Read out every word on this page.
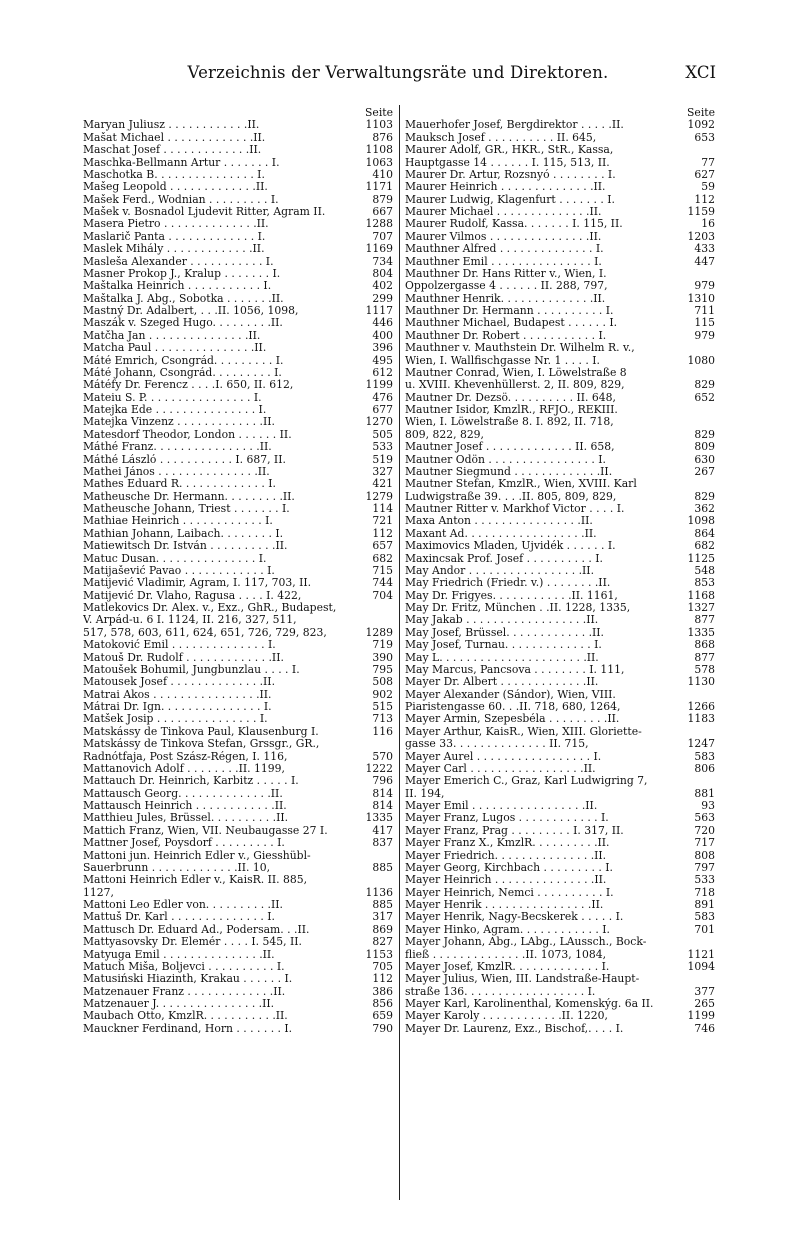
Verzeichnis der Verwaltungsräte und Direktoren.	XCI
Seite
Maryan Juliusz . . . . . . . . . . . .II.	1103
Mašat Michael . . . . . . . . . . . . .II.	876
Maschat Josef . . . . . . . . . . . . .II.	1108
Maschka-Bellmann Artur . . . . . . . I.	1063
Maschotka B. . . . . . . . . . . . . . . I.	410
Mašeg Leopold . . . . . . . . . . . . .II.	1171
Mašek Ferd., Wodnian . . . . . . . . . I.	879
Mašek v. Bosnadol Ljudevit Ritter, Agram II.	667
Masera Pietro . . . . . . . . . . . . . .II.	1288
Maslarič Panta . . . . . . . . . . . . . I.	707
Maslek Mihály . . . . . . . . . . . . .II.	1169
Masleša Alexander . . . . . . . . . . . I.	734
Masner Prokop J., Kralup . . . . . . . I.	804
Maštalka Heinrich . . . . . . . . . . . I.	402
Maštalka J. Abg., Sobotka . . . . . . .II.	299
Mastný Dr. Adalbert, . . .II. 1056, 1098,	1117
Maszák v. Szeged Hugo. . . . . . . . .II.	446
Matčha Jan . . . . . . . . . . . . . . .II.	400
Matcha Paul . . . . . . . . . . . . . . .II.	396
Máté Emrich, Csongrád. . . . . . . . . I.	495
Máté Johann, Csongrád. . . . . . . . . I.	612
Mátéfy Dr. Ferencz . . . .I. 650, II. 612,	1199
Mateiu S. P. . . . . . . . . . . . . . . . I.	476
Matejka Ede . . . . . . . . . . . . . . . I.	677
Matejka Vinzenz . . . . . . . . . . . . .II.	1270
Matesdorf Theodor, London . . . . . . II.	505
Máthé Franz. . . . . . . . . . . . . . . .II.	533
Máthé László . . . . . . . . . . . I. 687, II.	519
Mathei János . . . . . . . . . . . . . . .II.	327
Mathes Eduard R. . . . . . . . . . . . . I.	421
Matheusche Dr. Hermann. . . . . . . . .II.	1279
Matheusche Johann, Triest . . . . . . . I.	114
Mathiae Heinrich . . . . . . . . . . . . I.	721
Mathian Johann, Laibach. . . . . . . . I.	112
Matiewitsch Dr. István . . . . . . . . . .II.	657
Matuc Dusan. . . . . . . . . . . . . . . I.	682
Matijašević Pavao . . . . . . . . . . . . I.	715
Matijević Vladimir, Agram, I. 117, 703, II.	744
Matijević Dr. Vlaho, Ragusa . . . . I. 422,	704
Matlekovics Dr. Alex. v., Exz., GhR., Budapest,
V. Arpád-u. 6 I. 1124, II. 216, 327, 511,
517, 578, 603, 611, 624, 651, 726, 729, 823,	1289
Matoković Emil . . . . . . . . . . . . . . I.	719
Matouš Dr. Rudolf . . . . . . . . . . . . .II.	390
Matoušek Bohumil, Jungbunzlau . . . . I.	795
Matousek Josef . . . . . . . . . . . . . .II.	508
Matrai Akos . . . . . . . . . . . . . . . .II.	902
Mátrai Dr. Ign. . . . . . . . . . . . . . . I.	515
Matšek Josip . . . . . . . . . . . . . . . I.	713
Matskássy de Tinkova Paul, Klausenburg I.	116
Matskássy de Tinkova Stefan, Grssgr., GR.,
Radnótfaja, Post Szász-Régen, I. 116,	570
Mattanovich Adolf . . . . . . . .II. 1199,	1222
Mattauch Dr. Heinrich, Karbitz . . . . . I.	796
Mattausch Georg. . . . . . . . . . . . . .II.	814
Mattausch Heinrich . . . . . . . . . . . .II.	814
Matthieu Jules, Brüssel. . . . . . . . . .II.	1335
Mattich Franz, Wien, VII. Neubaugasse 27 I.	417
Mattner Josef, Poysdorf . . . . . . . . . I.	837
Mattoni jun. Heinrich Edler v., Giesshübl-
Sauerbrunn . . . . . . . . . . . . .II. 10,	885
Mattoni Heinrich Edler v., KaisR. II. 885,
1127,	1136
Mattoni Leo Edler von. . . . . . . . . .II.	885
Mattuš Dr. Karl . . . . . . . . . . . . . . I.	317
Mattusch Dr. Eduard Ad., Podersam. . .II.	869
Mattyasovsky Dr. Elemér . . . . I. 545, II.	827
Matyuga Emil . . . . . . . . . . . . . . .II.	1153
Matuch Miša, Boljevci . . . . . . . . . . I.	705
Matusiński Hiazinth, Krakau . . . . . . I.	112
Matzenauer Franz . . . . . . . . . . . . .II.	386
Matzenauer J. . . . . . . . . . . . . . . .II.	856
Maubach Otto, KmzlR. . . . . . . . . . .II.	659
Mauckner Ferdinand, Horn . . . . . . . I.	790
Seite
Mauerhofer Josef, Bergdirektor . . . . .II.	1092
Mauksch Josef . . . . . . . . . . II. 645,	653
Maurer Adolf, GR., HKR., StR., Kassa,
Hauptgasse 14 . . . . . . I. 115, 513, II.	77
Maurer Dr. Artur, Rozsnyó . . . . . . . . I.	627
Maurer Heinrich . . . . . . . . . . . . . .II.	59
Maurer Ludwig, Klagenfurt . . . . . . . I.	112
Maurer Michael . . . . . . . . . . . . . .II.	1159
Maurer Rudolf, Kassa. . . . . . . I. 115, II.	16
Maurer Vilmos . . . . . . . . . . . . . . .II.	1203
Mauthner Alfred . . . . . . . . . . . . . . I.	433
Mauthner Emil . . . . . . . . . . . . . . . I.	447
Mauthner Dr. Hans Ritter v., Wien, I.
Oppolzergasse 4 . . . . . . II. 288, 797,	979
Mauthner Henrik. . . . . . . . . . . . . .II.	1310
Mauthner Dr. Hermann . . . . . . . . . . I.	711
Mauthner Michael, Budapest . . . . . . I.	115
Mauthner Dr. Robert . . . . . . . . . . . I.	979
Mauthner v. Mauthstein Dr. Wilhelm R. v.,
Wien, I. Wallfischgasse Nr. 1 . . . . I.	1080
Mautner Conrad, Wien, I. Löwelstraße 8
u. XVIII. Khevenhüllerst. 2, II. 809, 829,	829
Mautner Dr. Dezsö. . . . . . . . . . II. 648,	652
Mautner Isidor, KmzlR., RFJO., REKIII.
Wien, I. Löwelstraße 8. I. 892, II. 718,
809, 822, 829,	829
Mautner Josef . . . . . . . . . . . . . II. 658,	809
Mautner Ödön . . . . . . . . . . . . . . . . I.	630
Mautner Siegmund . . . . . . . . . . . . .II.	267
Mautner Stefan, KmzlR., Wien, XVIII. Karl
Ludwigstraße 39. . . .II. 805, 809, 829,	829
Mautner Ritter v. Markhof Victor . . . . I.	362
Maxa Anton . . . . . . . . . . . . . . . .II.	1098
Maxant Ad. . . . . . . . . . . . . . . . . .II.	864
Maximovics Mladen, Ujvidék . . . . . . I.	682
Maxincsak Prof. Josef . . . . . . . . . . I.	1125
May Andor . . . . . . . . . . . . . . . . .II.	548
May Friedrich (Friedr. v.) . . . . . . . .II.	853
May Dr. Frigyes. . . . . . . . . . . .II. 1161,	1168
May Dr. Fritz, München . .II. 1228, 1335,	1327
May Jakab . . . . . . . . . . . . . . . . . .II.	877
May Josef, Brüssel. . . . . . . . . . . . .II.	1335
May Josef, Turnau. . . . . . . . . . . . . I.	868
May L. . . . . . . . . . . . . . . . . . . . . .II.	877
May Marcus, Pancsova . . . . . . . . I. 111,	578
Mayer Dr. Albert . . . . . . . . . . . . .II.	1130
Mayer Alexander (Sándor), Wien, VIII.
Piaristengasse 60. . .II. 718, 680, 1264,	1266
Mayer Ármin, Szepesbéla . . . . . . . . .II.	1183
Mayer Arthur, KaisR., Wien, XIII. Gloriette-
gasse 33. . . . . . . . . . . . . . II. 715,	1247
Mayer Aurel . . . . . . . . . . . . . . . . . I.	583
Mayer Carl . . . . . . . . . . . . . . . . .II.	806
Mayer Emerich C., Graz, Karl Ludwigring 7,
II. 194,	881
Mayer Emil . . . . . . . . . . . . . . . . .II.	93
Mayer Franz, Lugos . . . . . . . . . . . . I.	563
Mayer Franz, Prag . . . . . . . . . I. 317, II.	720
Mayer Franz X., KmzlR. . . . . . . . . .II.	717
Mayer Friedrich. . . . . . . . . . . . . . .II.	808
Mayer Georg, Kirchbach . . . . . . . . . I.	797
Mayer Heinrich . . . . . . . . . . . . . . .II.	533
Mayer Heinrich, Nemci . . . . . . . . . . I.	718
Mayer Henrik . . . . . . . . . . . . . . . .II.	891
Mayer Henrik, Nagy-Becskerek . . . . . I.	583
Mayer Hinko, Agram. . . . . . . . . . . . I.	701
Mayer Johann, Abg., LAbg., LAussch., Bock-
fließ . . . . . . . . . . . . . .II. 1073, 1084,	1121
Mayer Josef, KmzlR. . . . . . . . . . . . . I.	1094
Mayer Julius, Wien, III. Landstraße-Haupt-
straße 136. . . . . . . . . . . . . . . . . . I.	377
Mayer Karl, Karolinenthal, Komenskýg. 6a II.	265
Mayer Karoly . . . . . . . . . . . .II. 1220,	1199
Mayer Dr. Laurenz, Exz., Bischof,. . . . I.	746
